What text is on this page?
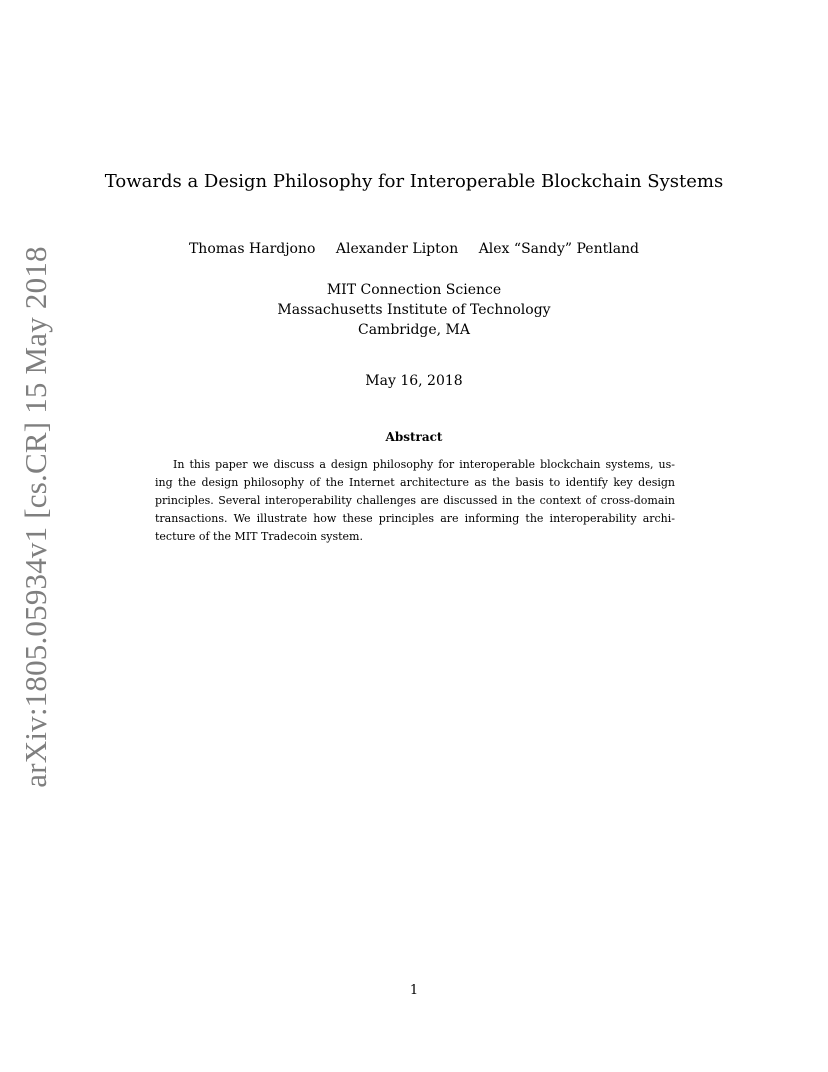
arXiv:1805.05934v1 [cs.CR] 15 May 2018
Towards a Design Philosophy for Interoperable Blockchain Systems
Thomas Hardjono Alexander Lipton Alex “Sandy” Pentland
MIT Connection Science
Massachusetts Institute of Technology
Cambridge, MA
May 16, 2018
Abstract
In this paper we discuss a design philosophy for interoperable blockchain systems, us-
ing the design philosophy of the Internet architecture as the basis to identify key design
principles. Several interoperability challenges are discussed in the context of cross-domain
transactions. We illustrate how these principles are informing the interoperability archi-
tecture of the MIT Tradecoin system.
1
